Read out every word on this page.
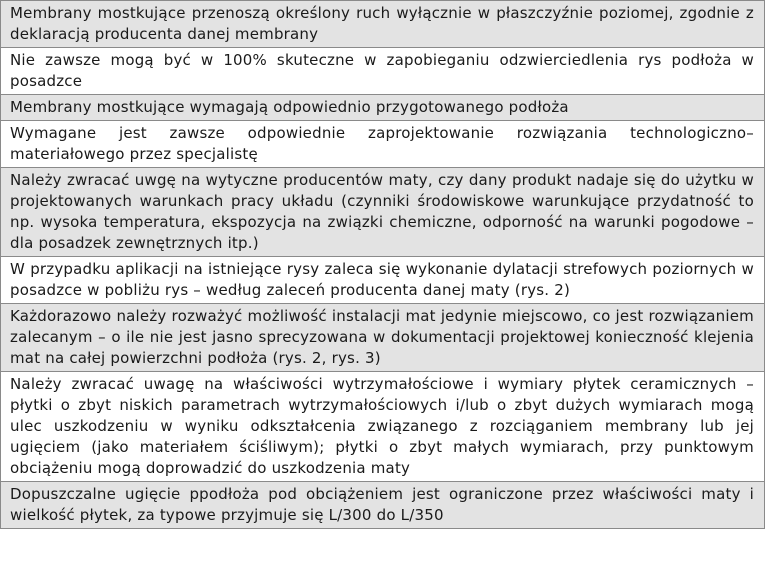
Membrany mostkujące przenoszą określony ruch wyłącznie w płaszczyźnie poziomej, zgodnie z deklaracją producenta danej membrany
Nie zawsze mogą być w 100% skuteczne w zapobieganiu odzwierciedlenia rys podłoża w posadzce
Membrany mostkujące wymagają odpowiednio przygotowanego podłoża
Wymagane jest zawsze odpowiednie zaprojektowanie rozwiązania technologiczno–materiałowego przez specjalistę
Należy zwracać uwgę na wytyczne producentów maty, czy dany produkt nadaje się do użytku w projektowanych warunkach pracy układu (czynniki środowiskowe warunkujące przydatność to np. wysoka temperatura, ekspozycja na związki chemiczne, odporność na warunki pogodowe – dla posadzek zewnętrznych itp.)
W przypadku aplikacji na istniejące rysy zaleca się wykonanie dylatacji strefowych poziornych w posadzce w pobliżu rys – według zaleceń producenta danej maty (rys. 2)
Każdorazowo należy rozważyć możliwość instalacji mat jedynie miejscowo, co jest rozwiązaniem zalecanym – o ile nie jest jasno sprecyzowana w dokumentacji projektowej konieczność klejenia mat na całej powierzchni podłoża (rys. 2, rys. 3)
Należy zwracać uwagę na właściwości wytrzymałościowe i wymiary płytek ceramicznych – płytki o zbyt niskich parametrach wytrzymałościowych i/lub o zbyt dużych wymiarach mogą ulec uszkodzeniu w wyniku odkształcenia związanego z rozciąganiem membrany lub jej ugięciem (jako materiałem ściśliwym); płytki o zbyt małych wymiarach, przy punktowym obciążeniu mogą doprowadzić do uszkodzenia maty
Dopuszczalne ugięcie ppodłoża pod obciążeniem jest ograniczone przez właściwości maty i wielkość płytek, za typowe przyjmuje się L/300 do L/350
